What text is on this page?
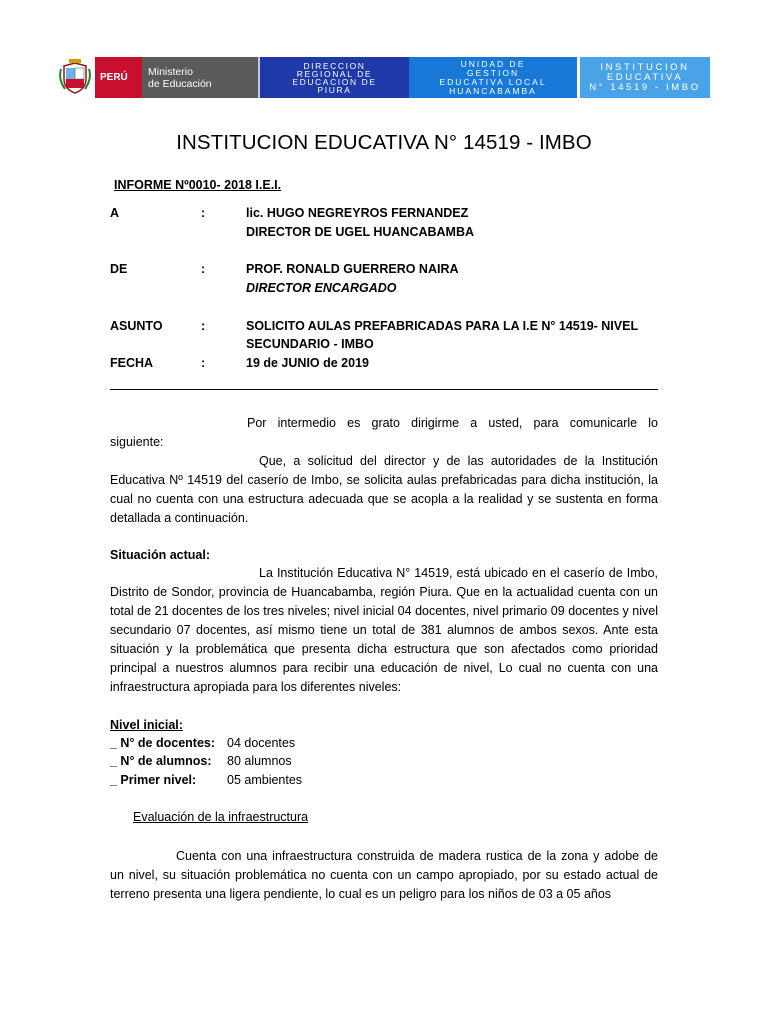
PERÚ Ministerio
de Educación
DIRECCION
REGIONAL DE
EDUCACION DE
PIURA
UNIDAD DE
GESTION
EDUCATIVA LOCAL
HUANCABAMBA
INSTITUCION
EDUCATIVA
N° 14519 - IMBO
INSTITUCION EDUCATIVA N° 14519 - IMBO
INFORME Nº0010- 2018 I.E.I.
A	:	lic. HUGO NEGREYROS FERNANDEZ
DIRECTOR DE UGEL HUANCABAMBA
DE	:	PROF. RONALD GUERRERO NAIRA
DIRECTOR ENCARGADO
ASUNTO	:	SOLICITO AULAS PREFABRICADAS PARA LA I.E N° 14519- NIVEL
SECUNDARIO - IMBO
FECHA	:	19 de JUNIO de 2019
Por intermedio es grato dirigirme a usted, para comunicarle lo
siguiente:
Que, a solicitud del director y de las autoridades de la Institución
Educativa Nº 14519 del caserío de Imbo, se solicita aulas prefabricadas para dicha institución, la cual no cuenta con una estructura adecuada que se acopla a la realidad y se sustenta en forma detallada a continuación.
Situación actual:
La Institución Educativa N° 14519, está ubicado en el caserío de Imbo,
Distrito de Sondor, provincia de Huancabamba, región Piura. Que en la actualidad cuenta con un total de 21 docentes de los tres niveles; nivel inicial 04 docentes, nivel primario 09 docentes y nivel secundario 07 docentes, así mismo tiene un total de 381 alumnos de ambos sexos. Ante esta situación y la problemática que presenta dicha estructura que son afectados como prioridad principal a nuestros alumnos para recibir una educación de nivel, Lo cual no cuenta con una infraestructura apropiada para los diferentes niveles:
Nivel inicial:
_ N° de docentes: 04 docentes
_ N° de alumnos: 80 alumnos
_ Primer nivel: 05 ambientes
Evaluación de la infraestructura
Cuenta con una infraestructura construida de madera rustica de la zona y adobe de
un nivel, su situación problemática no cuenta con un campo apropiado, por su estado actual de terreno presenta una ligera pendiente, lo cual es un peligro para los niños de 03 a 05 años
